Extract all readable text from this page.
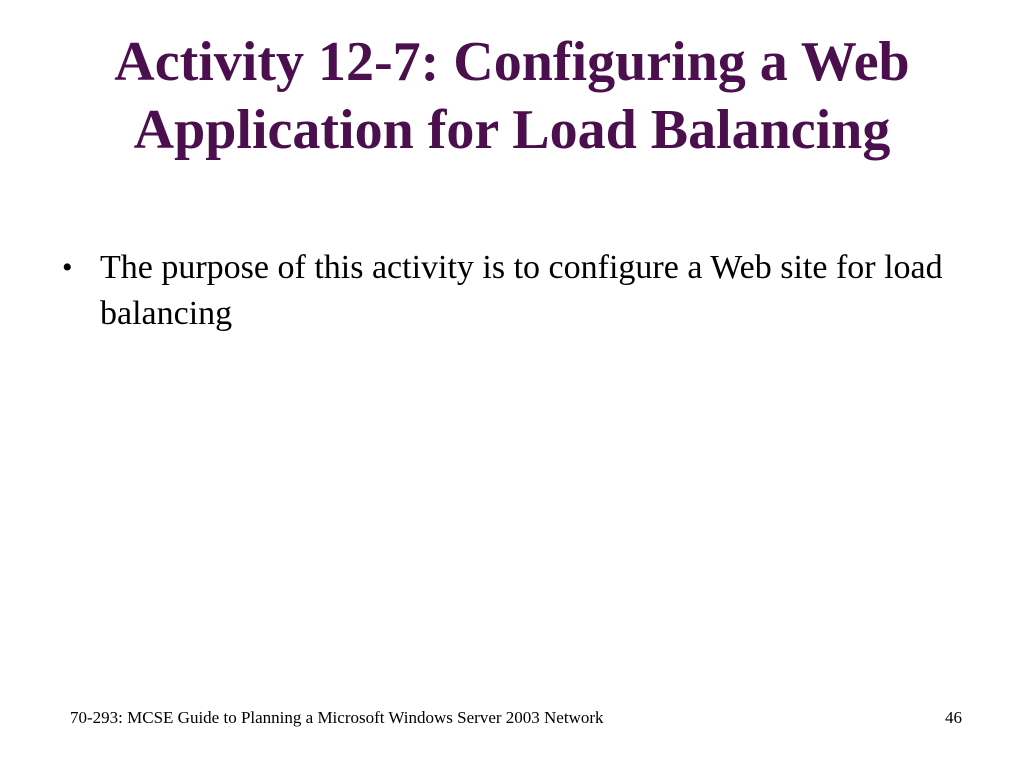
Activity 12-7: Configuring a Web Application for Load Balancing
• The purpose of this activity is to configure a Web site for load balancing
70-293: MCSE Guide to Planning a Microsoft Windows Server 2003 Network	46
